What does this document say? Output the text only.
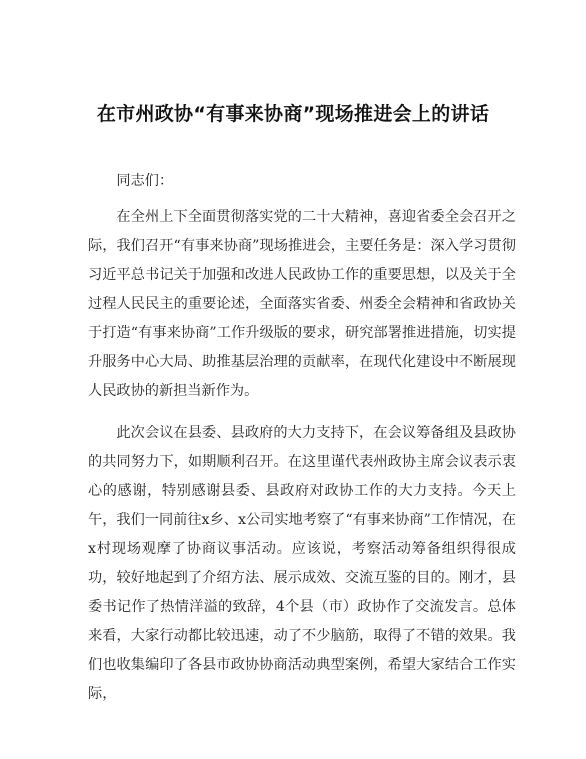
在市州政协“有事来协商”现场推进会上的讲话

同志们：

在全州上下全面贯彻落实党的二十大精神，喜迎省委全会召开之际，我们召开“有事来协商”现场推进会，主要任务是：深入学习贯彻习近平总书记关于加强和改进人民政协工作的重要思想，以及关于全过程人民民主的重要论述，全面落实省委、州委全会精神和省政协关于打造“有事来协商”工作升级版的要求，研究部署推进措施，切实提升服务中心大局、助推基层治理的贡献率，在现代化建设中不断展现人民政协的新担当新作为。

此次会议在县委、县政府的大力支持下，在会议筹备组及县政协的共同努力下，如期顺利召开。在这里谨代表州政协主席会议表示衷心的感谢，特别感谢县委、县政府对政协工作的大力支持。今天上午，我们一同前往x乡、x公司实地考察了“有事来协商”工作情况，在x村现场观摩了协商议事活动。应该说，考察活动筹备组织得很成功，较好地起到了介绍方法、展示成效、交流互鉴的目的。刚才，县委书记作了热情洋溢的致辞，4个县（市）政协作了交流发言。总体来看，大家行动都比较迅速，动了不少脑筋，取得了不错的效果。我们也收集编印了各县市政协协商活动典型案例，希望大家结合工作实际，
